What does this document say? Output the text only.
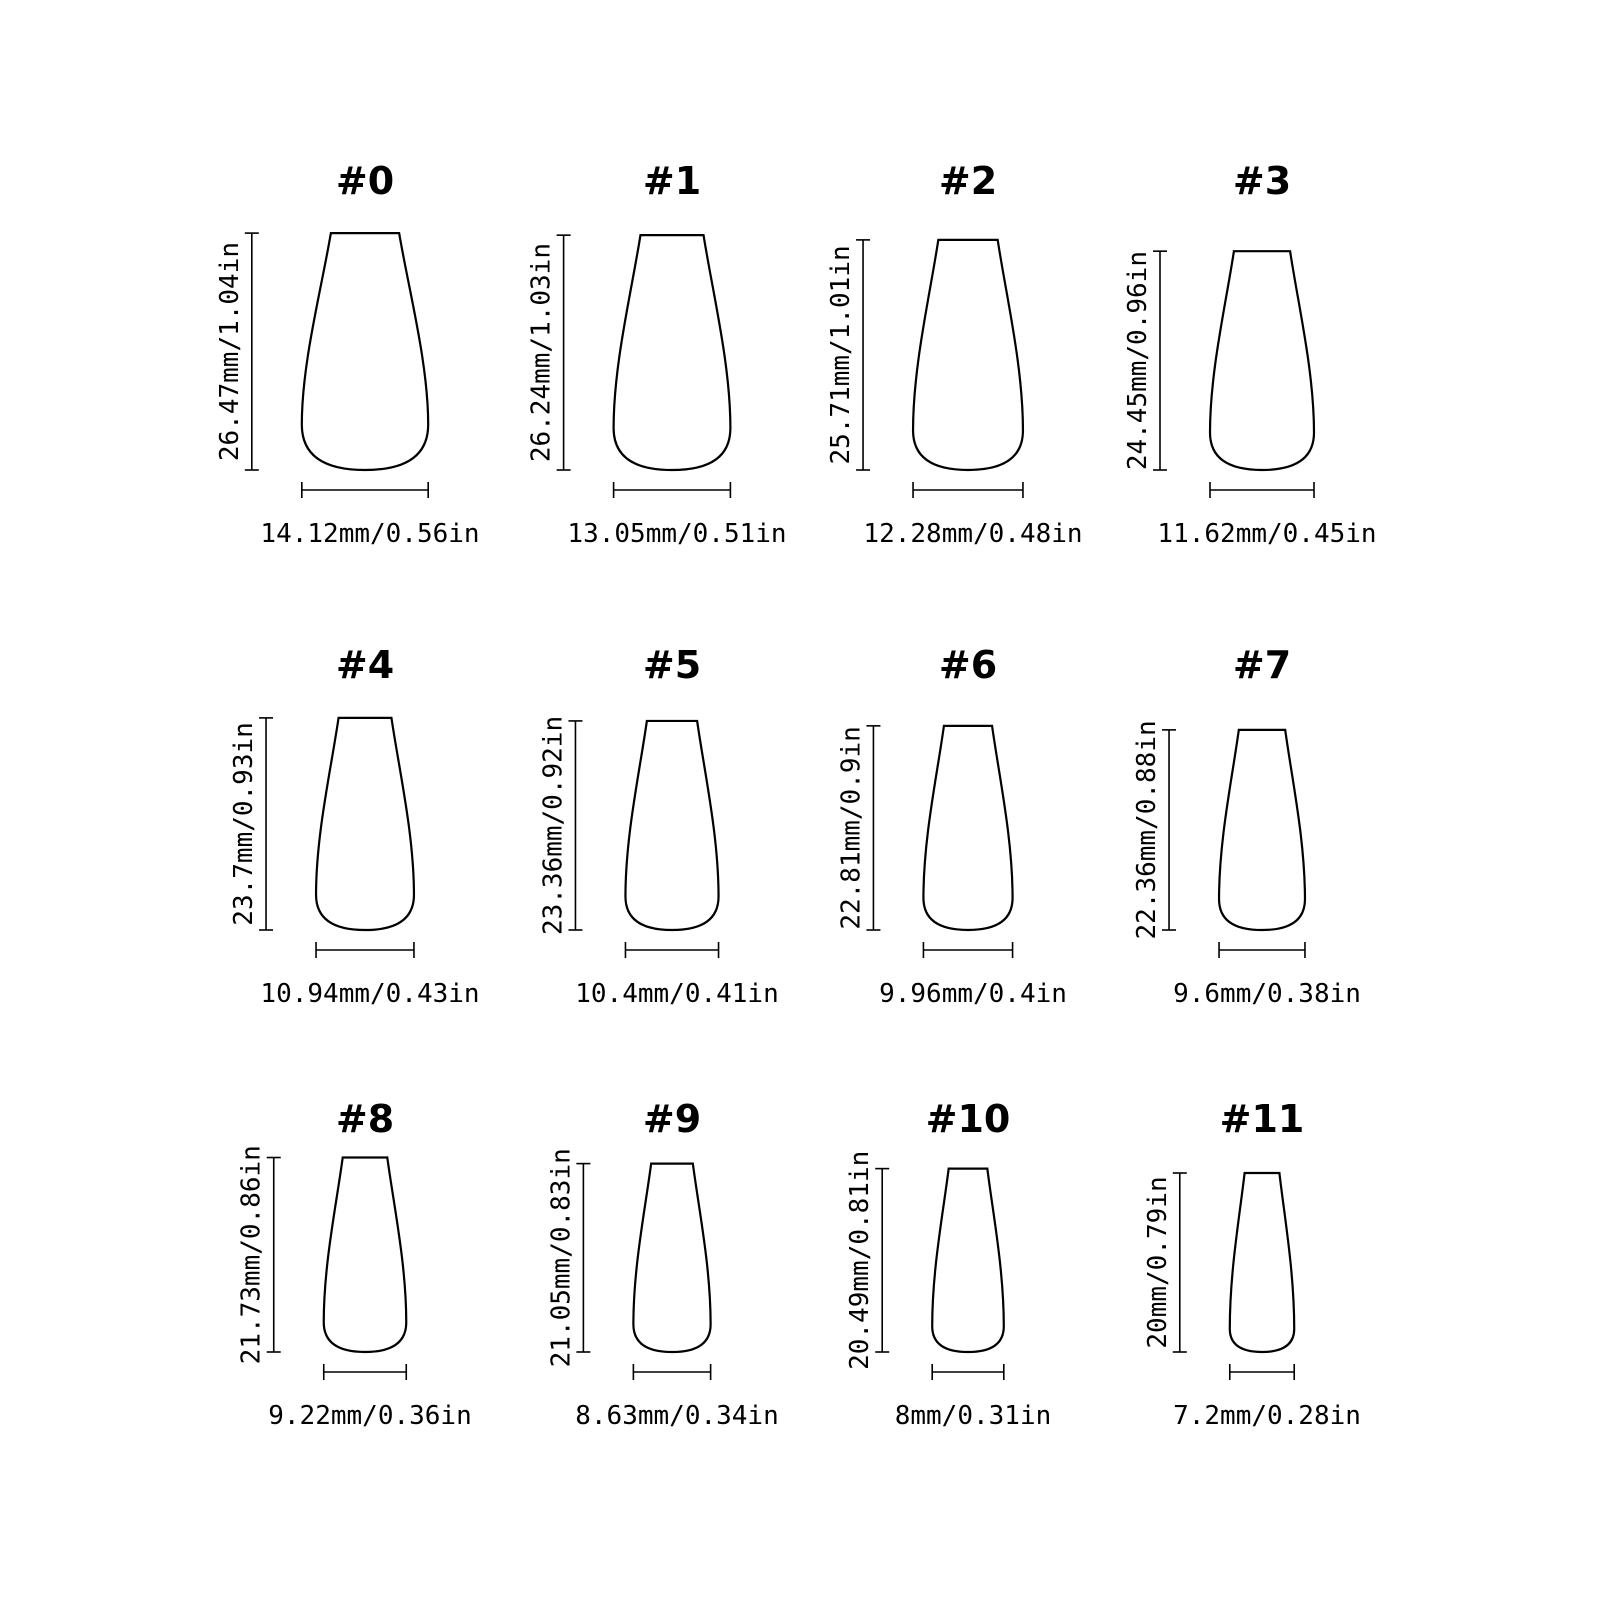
#0
26.47mm/1.04in
14.12mm/0.56in
#1
26.24mm/1.03in
13.05mm/0.51in
#2
25.71mm/1.01in
12.28mm/0.48in
#3
24.45mm/0.96in
11.62mm/0.45in
#4
23.7mm/0.93in
10.94mm/0.43in
#5
23.36mm/0.92in
10.4mm/0.41in
#6
22.81mm/0.9in
9.96mm/0.4in
#7
22.36mm/0.88in
9.6mm/0.38in
#8
21.73mm/0.86in
9.22mm/0.36in
#9
21.05mm/0.83in
8.63mm/0.34in
#10
20.49mm/0.81in
8mm/0.31in
#11
20mm/0.79in
7.2mm/0.28in
